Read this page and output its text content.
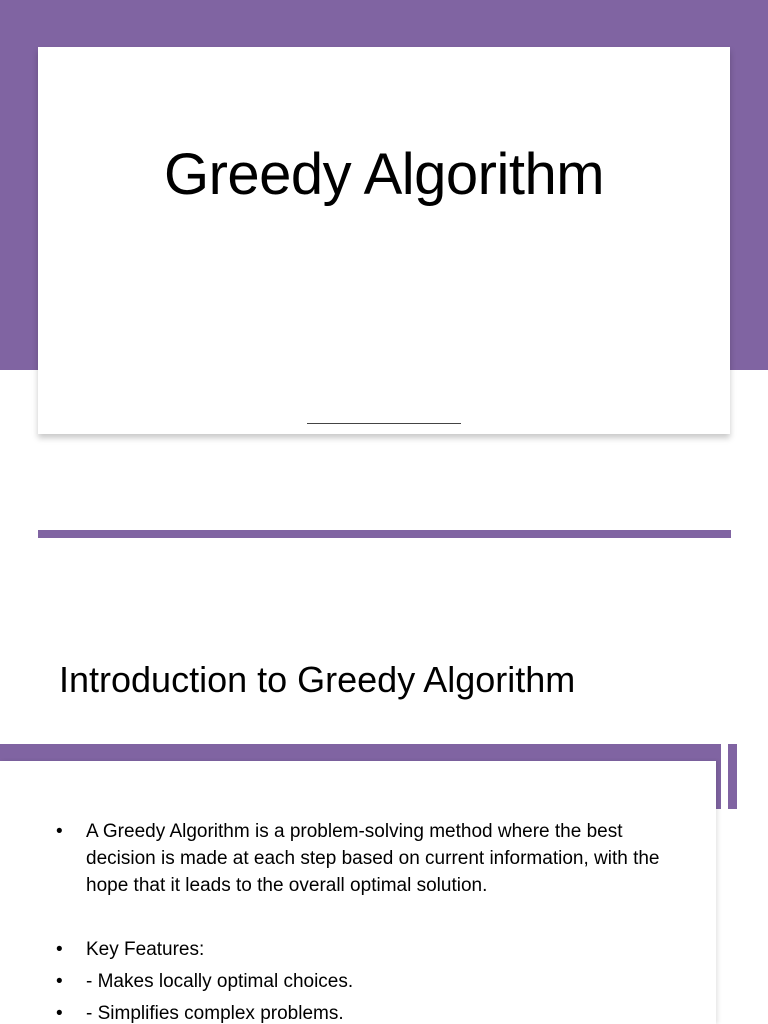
Greedy Algorithm
Introduction to Greedy Algorithm
•	A Greedy Algorithm is a problem-solving method where the best decision is made at each step based on current information, with the hope that it leads to the overall optimal solution.
•	Key Features:
•	- Makes locally optimal choices.
•	- Simplifies complex problems.
